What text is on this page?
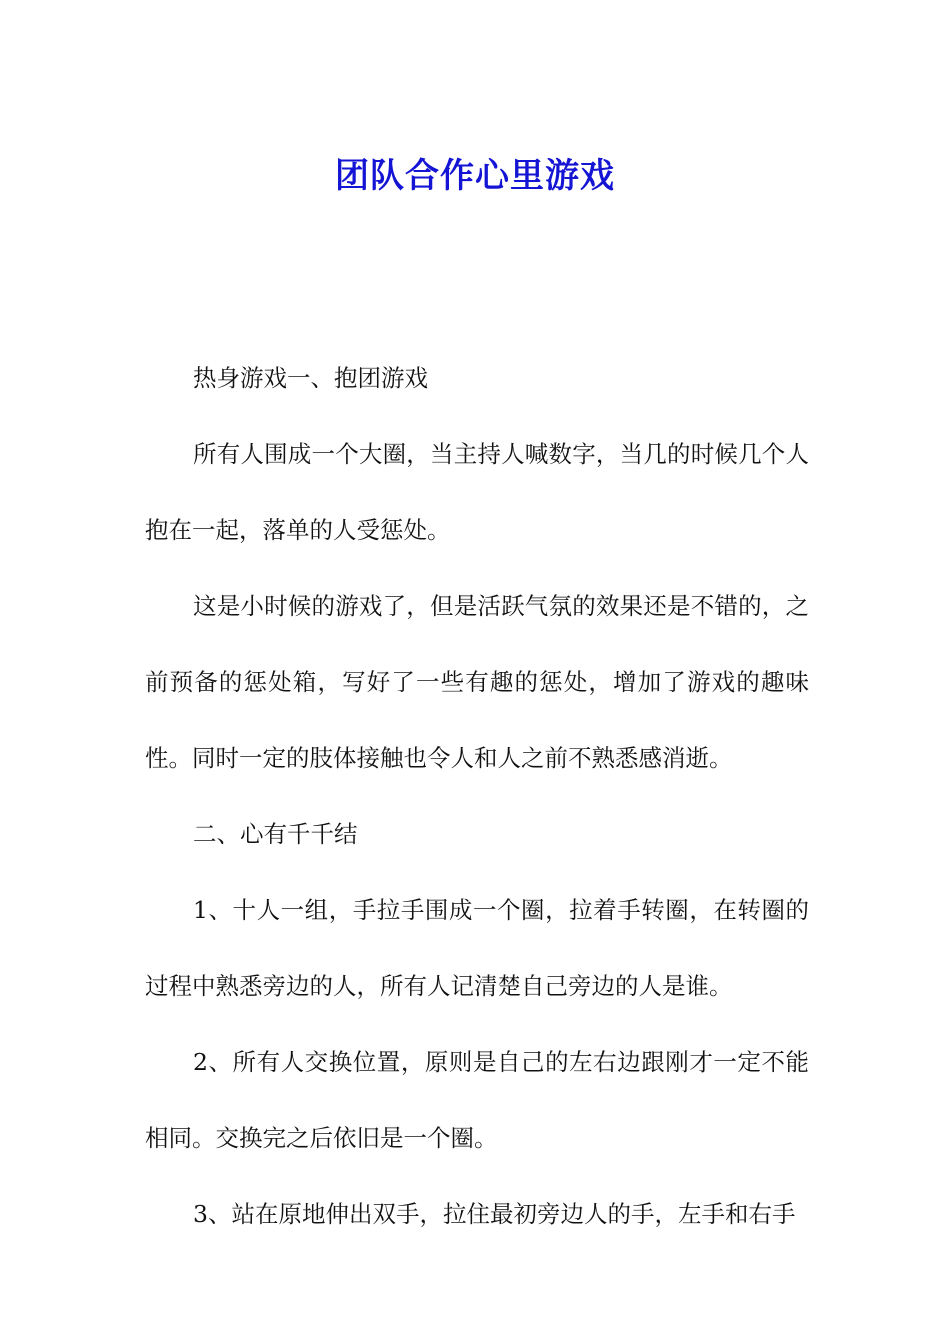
团队合作心里游戏

热身游戏一、抱团游戏

所有人围成一个大圈，当主持人喊数字，当几的时候几个人抱在一起，落单的人受惩处。

这是小时候的游戏了，但是活跃气氛的效果还是不错的，之前预备的惩处箱，写好了一些有趣的惩处，增加了游戏的趣味性。同时一定的肢体接触也令人和人之前不熟悉感消逝。

二、心有千千结

1、十人一组，手拉手围成一个圈，拉着手转圈，在转圈的过程中熟悉旁边的人，所有人记清楚自己旁边的人是谁。

2、所有人交换位置，原则是自己的左右边跟刚才一定不能相同。交换完之后依旧是一个圈。

3、站在原地伸出双手，拉住最初旁边人的手，左手和右手
